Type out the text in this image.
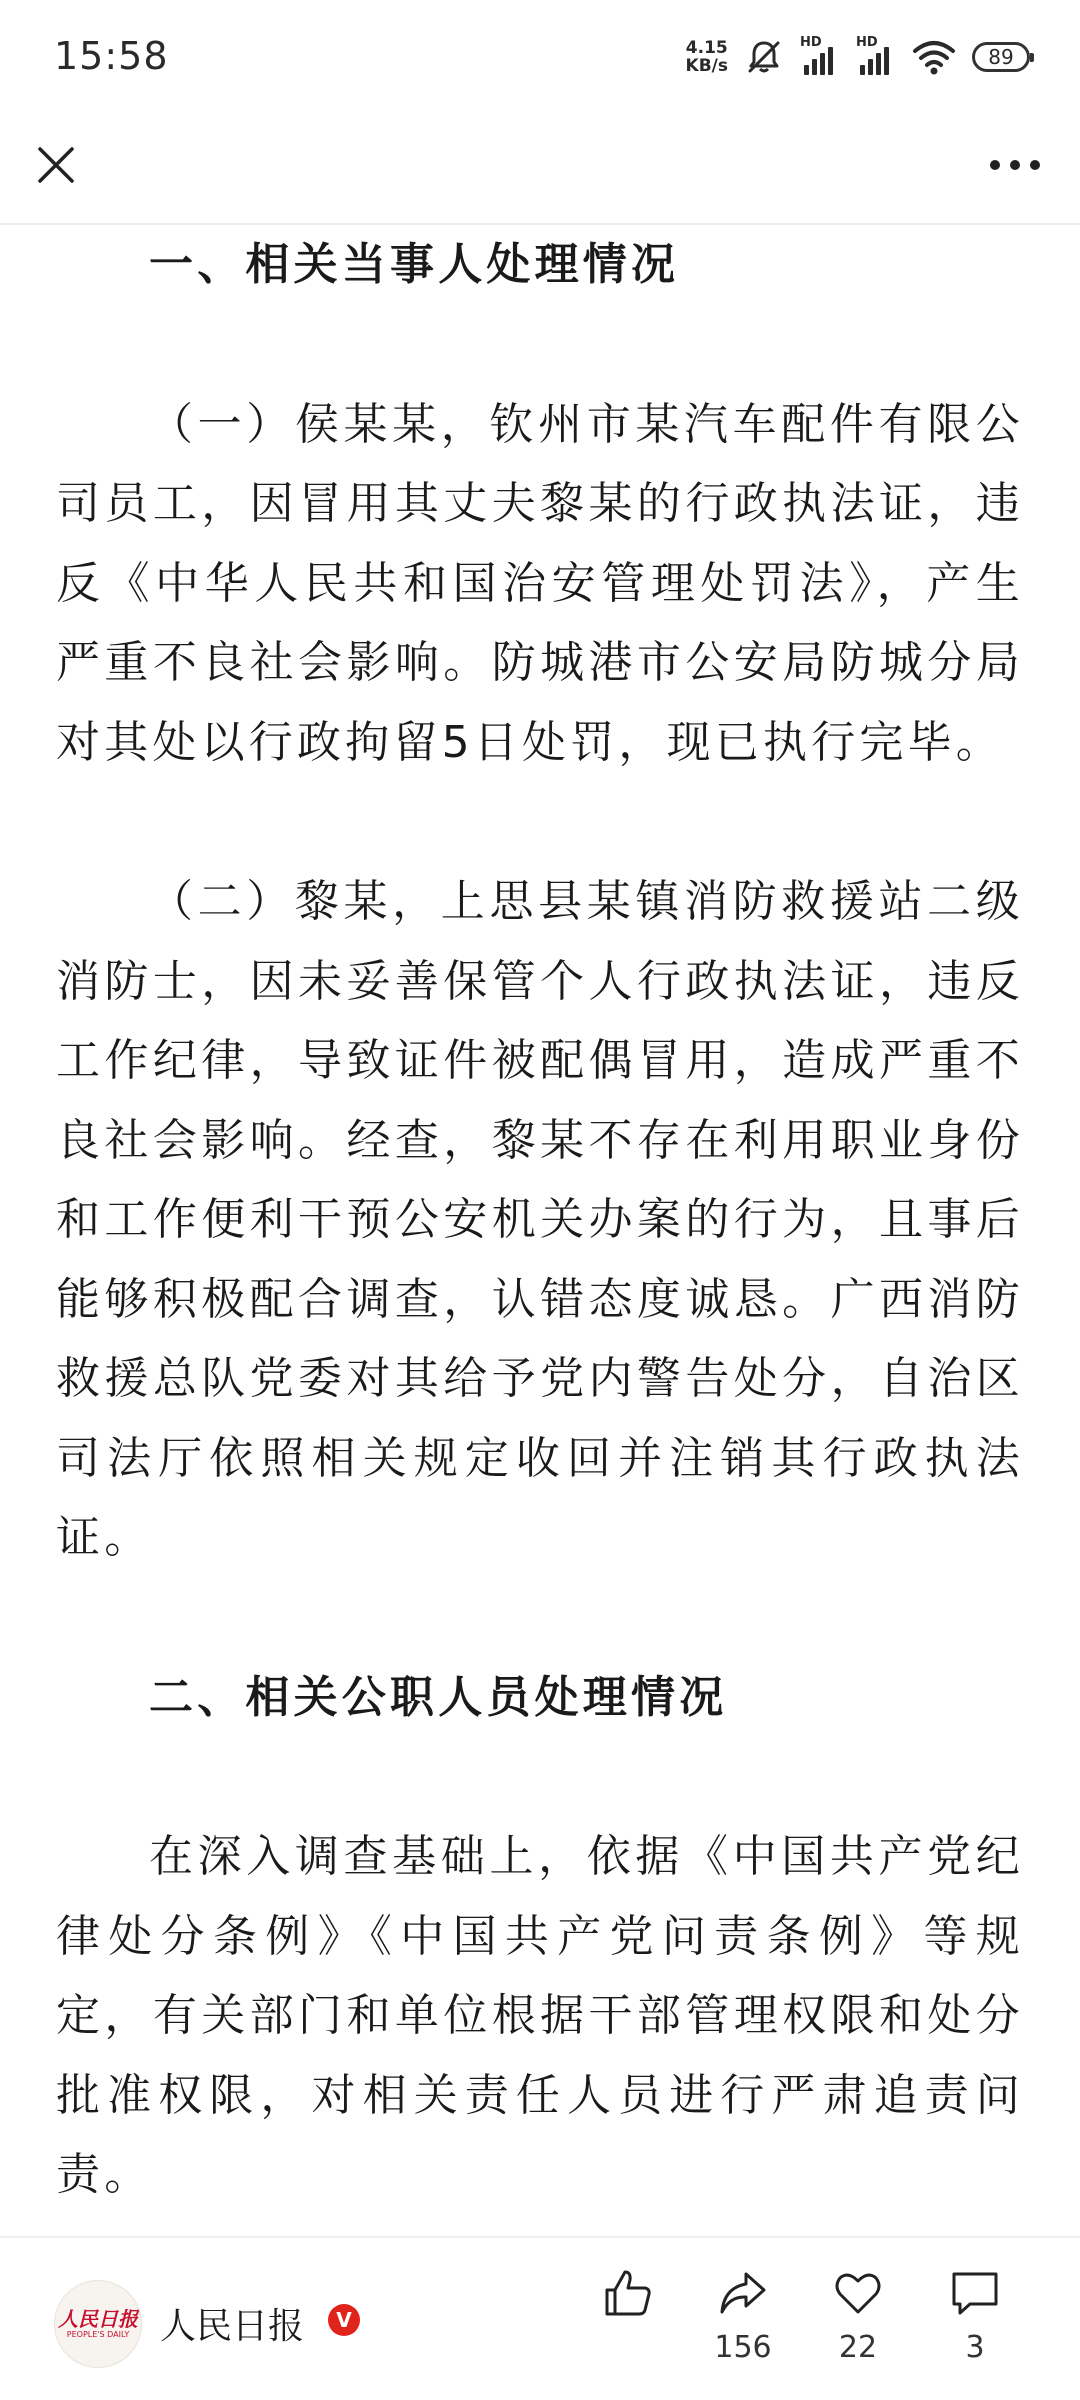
15:58	4.15
KB/s
HD	HD
89

一、相关当事人处理情况

（一）侯某某，钦州市某汽车配件有限公司员工，因冒用其丈夫黎某的行政执法证，违反《中华人民共和国治安管理处罚法》，产生严重不良社会影响。防城港市公安局防城分局对其处以行政拘留5日处罚，现已执行完毕。

（二）黎某，上思县某镇消防救援站二级消防士，因未妥善保管个人行政执法证，违反工作纪律，导致证件被配偶冒用，造成严重不良社会影响。经查，黎某不存在利用职业身份和工作便利干预公安机关办案的行为，且事后能够积极配合调查，认错态度诚恳。广西消防救援总队党委对其给予党内警告处分，自治区司法厅依照相关规定收回并注销其行政执法证。

二、相关公职人员处理情况

在深入调查基础上，依据《中国共产党纪律处分条例》《中国共产党问责条例》等规定，有关部门和单位根据干部管理权限和处分批准权限，对相关责任人员进行严肃追责问责。

人民日报
PEOPLE'S DAILY 人民日报	V
156 22	3
